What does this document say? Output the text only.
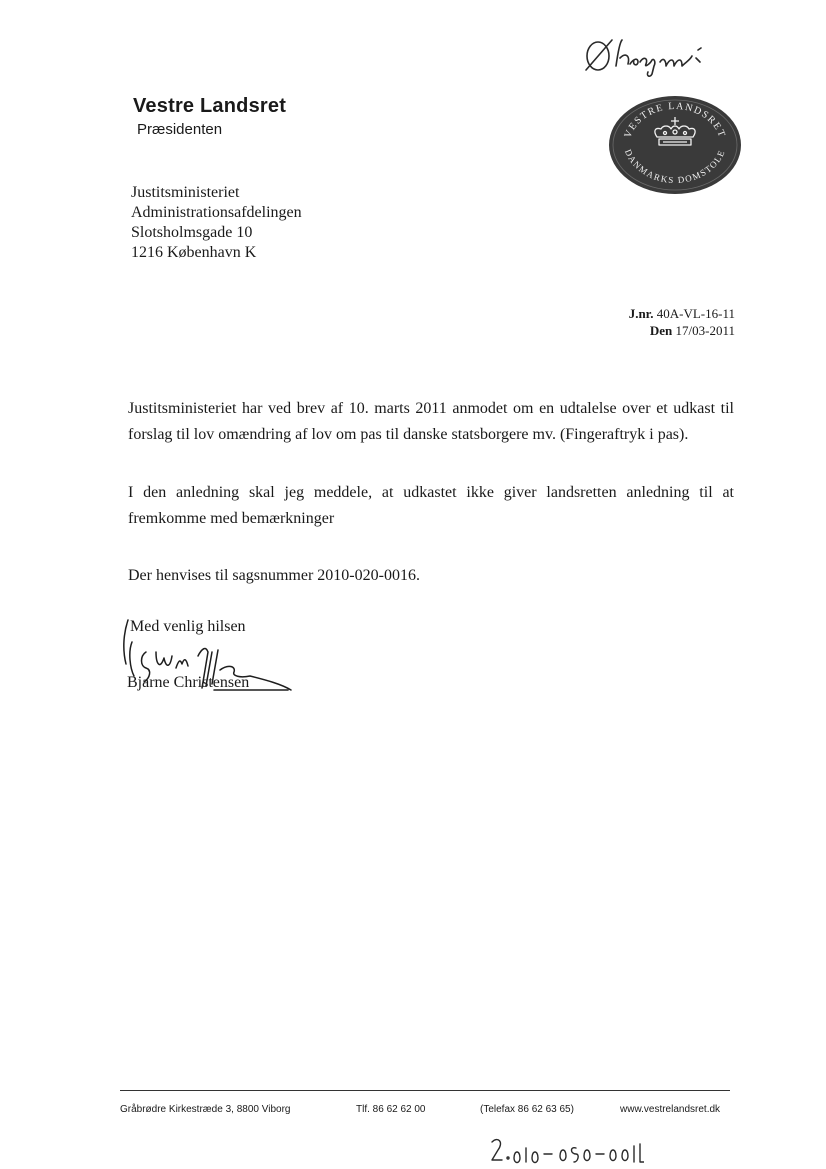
Vestre Landsret
Præsidenten	VESTRE LANDSRET
DANMARKS DOMSTOLE
Justitsministeriet
Administrationsafdelingen
Slotsholmsgade 10
1216 København K
J.nr. 40A-VL-16-11
Den 17/03-2011
Justitsministeriet har ved brev af 10. marts 2011 anmodet om en udtalelse over et udkast til
forslag til lov omændring af lov om pas til danske statsborgere mv. (Fingeraftryk i pas).
I den anledning skal jeg meddele, at udkastet ikke giver landsretten anledning til at
fremkomme med bemærkninger
Der henvises til sagsnummer 2010-020-0016.
Med venlig hilsen
Bjarne Christensen
Gråbrødre Kirkestræde 3, 8800 Viborg	Tlf. 86 62 62 00	(Telefax 86 62 63 65)	www.vestrelandsret.dk
